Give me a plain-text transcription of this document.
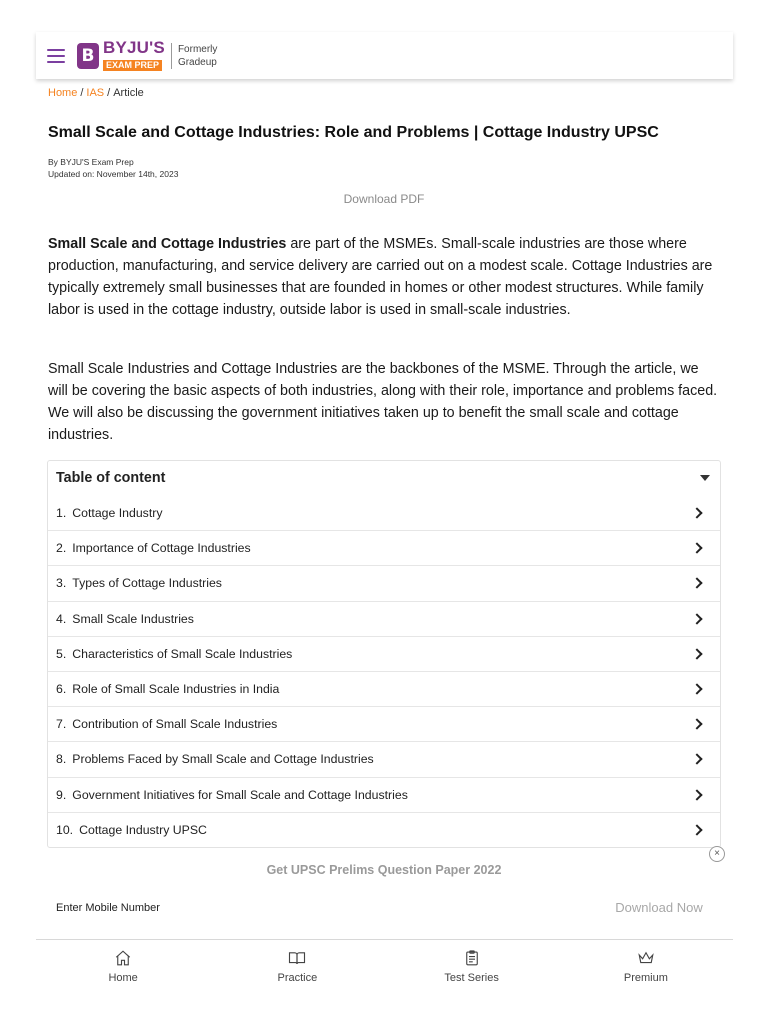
B BYJU'S
EXAM PREP
Formerly
Gradeup
Home / IAS / Article
Small Scale and Cottage Industries: Role and Problems | Cottage Industry UPSC
By BYJU'S Exam Prep
Updated on: November 14th, 2023
Download PDF

Small Scale and Cottage Industries are part of the MSMEs. Small-scale industries are those where production, manufacturing, and service delivery are carried out on a modest scale. Cottage Industries are typically extremely small businesses that are founded in homes or other modest structures. While family labor is used in the cottage industry, outside labor is used in small-scale industries.

Small Scale Industries and Cottage Industries are the backbones of the MSME. Through the article, we will be covering the basic aspects of both industries, along with their role, importance and problems faced. We will also be discussing the government initiatives taken up to benefit the small scale and cottage industries.

Table of content
1. Cottage Industry
2. Importance of Cottage Industries
3. Types of Cottage Industries
4. Small Scale Industries
5. Characteristics of Small Scale Industries
6. Role of Small Scale Industries in India
7. Contribution of Small Scale Industries
8. Problems Faced by Small Scale and Cottage Industries
9. Government Initiatives for Small Scale and Cottage Industries
10. Cottage Industry UPSC
×
Get UPSC Prelims Question Paper 2022
Enter Mobile Number
Download Now
Home	Practice	Test Series	Premium
